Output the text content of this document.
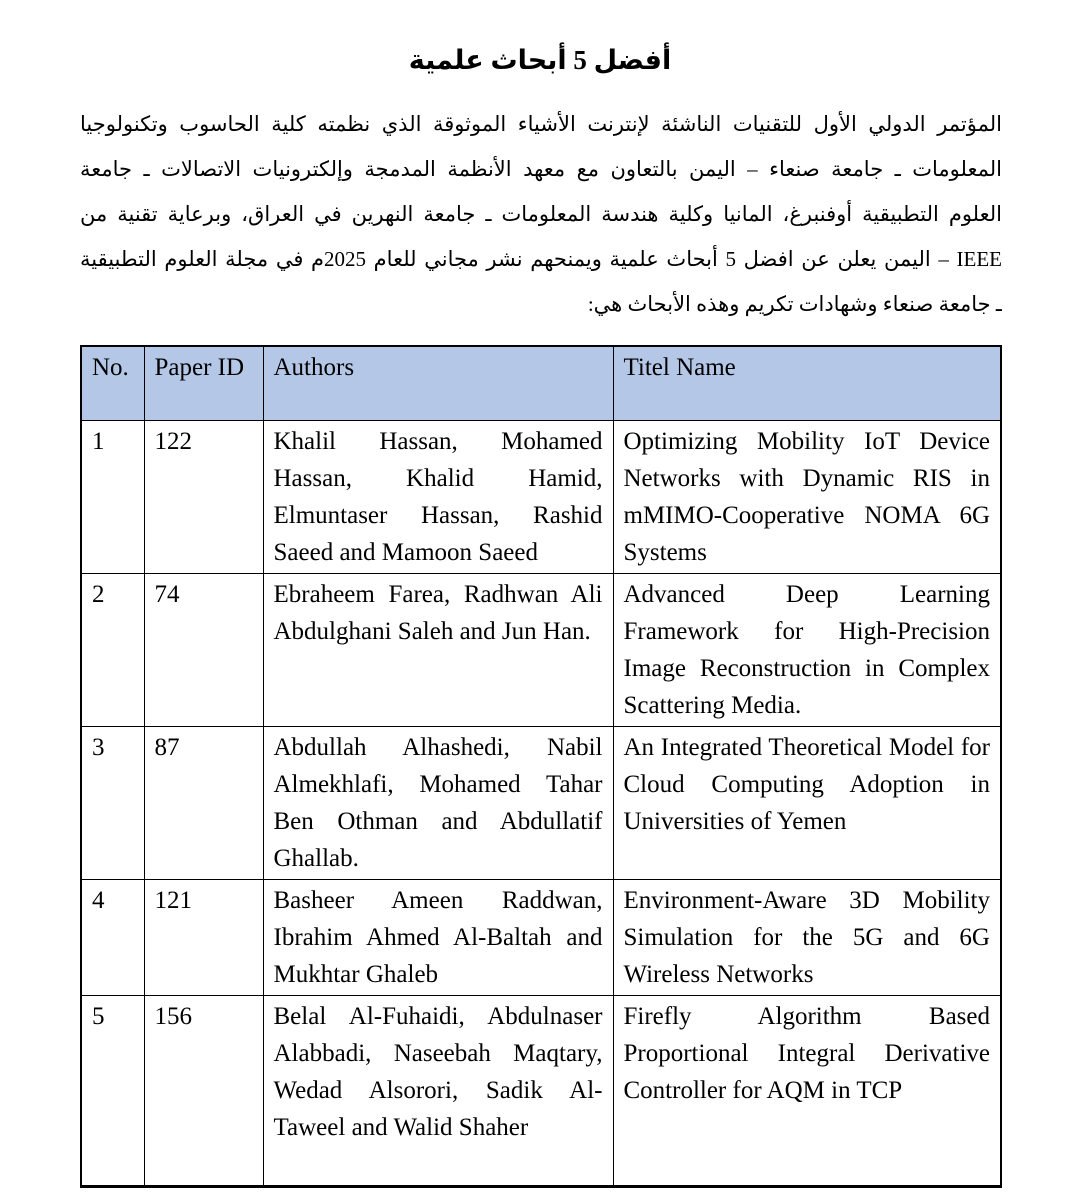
أفضل 5 أبحاث علمية
المؤتمر الدولي الأول للتقنيات الناشئة لإنترنت الأشياء الموثوقة الذي نظمته كلية الحاسوب وتكنولوجيا
المعلومات ـ جامعة صنعاء – اليمن بالتعاون مع معهد الأنظمة المدمجة وإلكترونيات الاتصالات ـ جامعة
العلوم التطبيقية أوفنبرغ، المانيا وكلية هندسة المعلومات ـ جامعة النهرين في العراق، وبرعاية تقنية من
IEEE – اليمن يعلن عن افضل 5 أبحاث علمية ويمنحهم نشر مجاني للعام 2025م في مجلة العلوم التطبيقية
ـ جامعة صنعاء وشهادات تكريم وهذه الأبحاث هي:
No.	Paper ID	Authors	Titel Name
1	122	Khalil Hassan, Mohamed Hassan, Khalid Hamid, Elmuntaser Hassan, Rashid Saeed and Mamoon Saeed	Optimizing Mobility IoT Device Networks with Dynamic RIS in mMIMO-Cooperative NOMA 6G Systems
2	74	Ebraheem Farea, Radhwan Ali Abdulghani Saleh and Jun Han.	Advanced Deep Learning Framework for High-Precision Image Reconstruction in Complex Scattering Media.
3	87	Abdullah Alhashedi, Nabil Almekhlafi, Mohamed Tahar Ben Othman and Abdullatif Ghallab.	An Integrated Theoretical Model for Cloud Computing Adoption in Universities of Yemen
4	121	Basheer Ameen Raddwan, Ibrahim Ahmed Al-Baltah and Mukhtar Ghaleb	Environment-Aware 3D Mobility Simulation for the 5G and 6G Wireless Networks
5	156	Belal Al-Fuhaidi, Abdulnaser Alabbadi, Naseebah Maqtary, Wedad Alsorori, Sadik Al-Taweel and Walid Shaher	Firefly Algorithm Based Proportional Integral Derivative Controller for AQM in TCP
